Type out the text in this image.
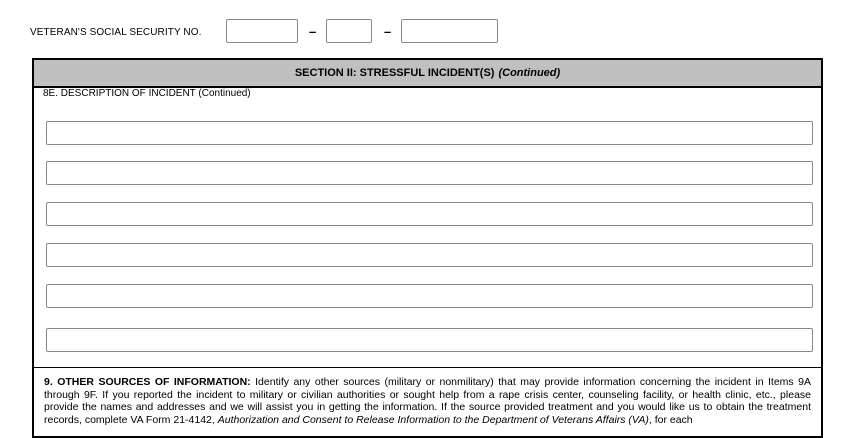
VETERAN'S SOCIAL SECURITY NO.	–	–
SECTION II: STRESSFUL INCIDENT(S) (Continued)
8E. DESCRIPTION OF INCIDENT (Continued)
9. OTHER SOURCES OF INFORMATION: Identify any other sources (military or nonmilitary) that may provide information concerning the incident in Items 9A through 9F. If you reported the incident to military or civilian authorities or sought help from a rape crisis center, counseling facility, or health clinic, etc., please provide the names and addresses and we will assist you in getting the information. If the source provided treatment and you would like us to obtain the treatment records, complete VA Form 21-4142, Authorization and Consent to Release Information to the Department of Veterans Affairs (VA), for each
